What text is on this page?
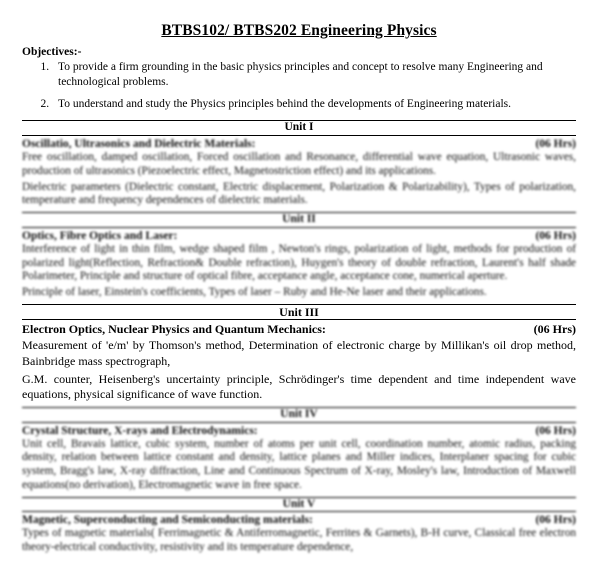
BTBS102/ BTBS202 Engineering Physics
Objectives:-
1. To provide a firm grounding in the basic physics principles and concept to resolve many Engineering and technological problems.
2. To understand and study the Physics principles behind the developments of Engineering materials.
Unit I
Oscillatio, Ultrasonics and Dielectric Materials:	(06 Hrs)

Free oscillation, damped oscillation, Forced oscillation and Resonance, differential wave equation, Ultrasonic waves, production of ultrasonics (Piezoelectric effect, Magnetostriction effect) and its applications.

Dielectric parameters (Dielectric constant, Electric displacement, Polarization & Polarizability), Types of polarization, temperature and frequency dependences of dielectric materials.

Unit II
Optics, Fibre Optics and Laser:	(06 Hrs)

Interference of light in thin film, wedge shaped film , Newton's rings, polarization of light, methods for production of polarized light(Reflection, Refraction& Double refraction), Huygen's theory of double refraction, Laurent's half shade Polarimeter, Principle and structure of optical fibre, acceptance angle, acceptance cone, numerical aperture.

Principle of laser, Einstein's coefficients, Types of laser – Ruby and He-Ne laser and their applications.

Unit III
Electron Optics, Nuclear Physics and Quantum Mechanics:	(06 Hrs)

Measurement of 'e/m' by Thomson's method, Determination of electronic charge by Millikan's oil drop method, Bainbridge mass spectrograph,

G.M. counter, Heisenberg's uncertainty principle, Schrödinger's time dependent and time independent wave equations, physical significance of wave function.

Unit IV
Crystal Structure, X-rays and Electrodynamics:	(06 Hrs)

Unit cell, Bravais lattice, cubic system, number of atoms per unit cell, coordination number, atomic radius, packing density, relation between lattice constant and density, lattice planes and Miller indices, Interplaner spacing for cubic system, Bragg's law, X-ray diffraction, Line and Continuous Spectrum of X-ray, Mosley's law, Introduction of Maxwell equations(no derivation), Electromagnetic wave in free space.

Unit V
Magnetic, Superconducting and Semiconducting materials:	(06 Hrs)

Types of magnetic materials( Ferrimagnetic & Antiferromagnetic, Ferrites & Garnets), B-H curve, Classical free electron theory-electrical conductivity, resistivity and its temperature dependence,
